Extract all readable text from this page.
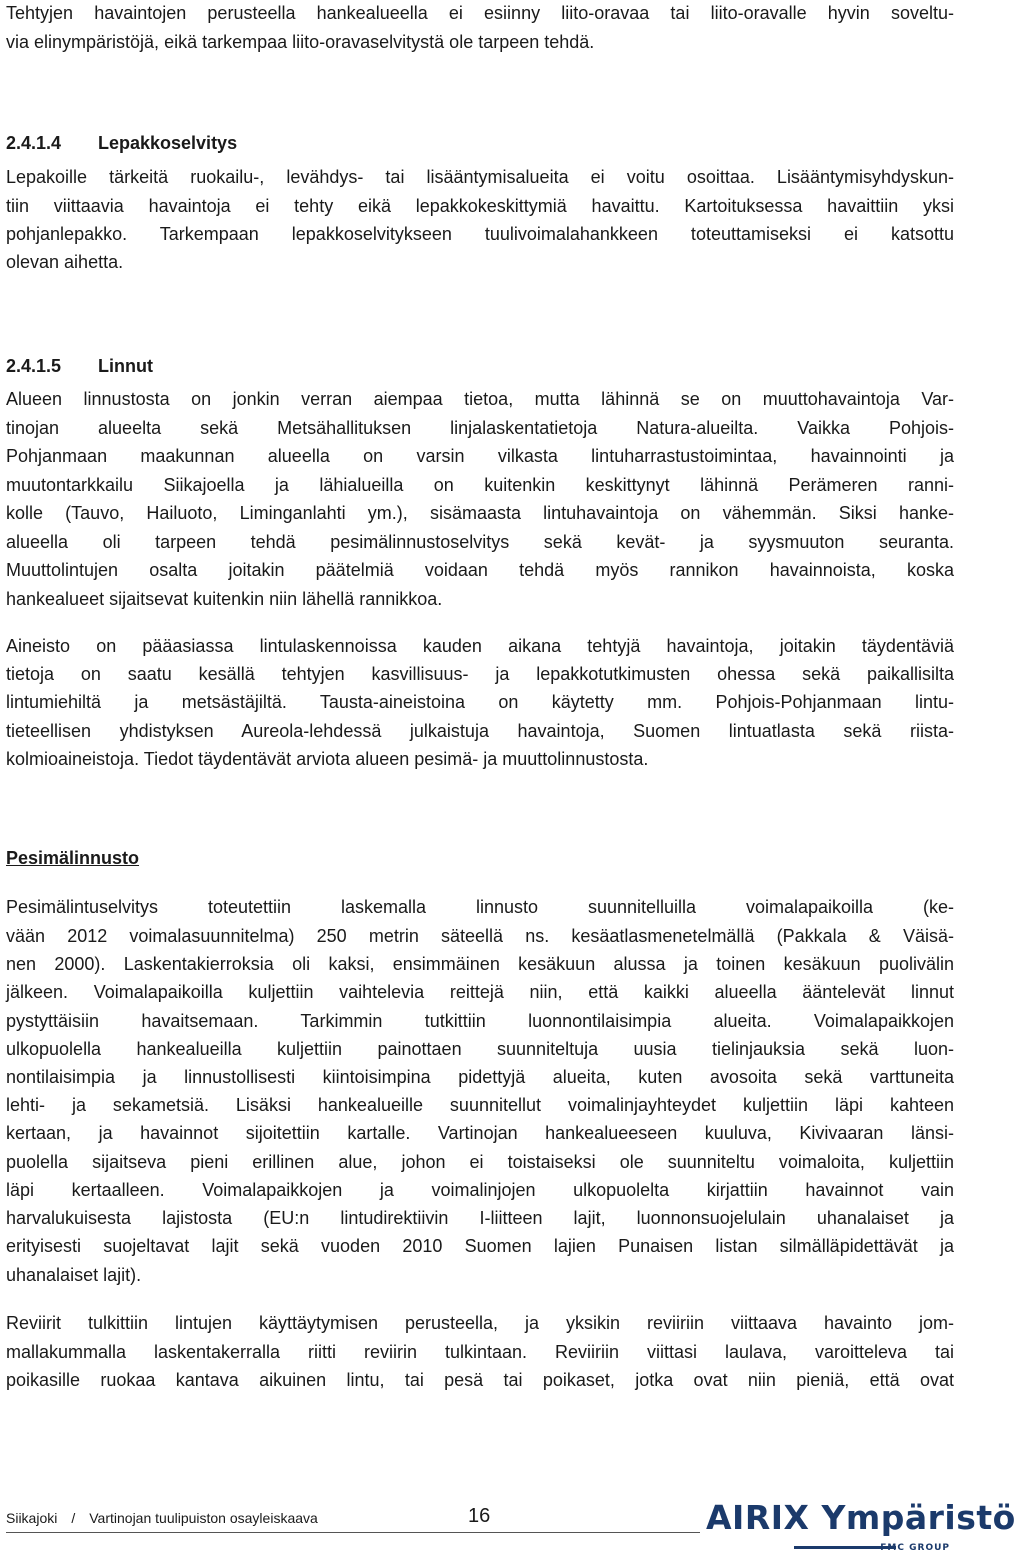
Tehtyjen havaintojen perusteella hankealueella ei esiinny liito-oravaa tai liito-oravalle hyvin soveltu-
via elinympäristöjä, eikä tarkempaa liito-oravaselvitystä ole tarpeen tehdä.
2.4.1.4 Lepakkoselvitys
Lepakoille tärkeitä ruokailu-, levähdys- tai lisääntymisalueita ei voitu osoittaa. Lisääntymisyhdyskun-
tiin viittaavia havaintoja ei tehty eikä lepakkokeskittymiä havaittu. Kartoituksessa havaittiin yksi
pohjanlepakko. Tarkempaan lepakkoselvitykseen tuulivoimalahankkeen toteuttamiseksi ei katsottu
olevan aihetta.
2.4.1.5 Linnut
Alueen linnustosta on jonkin verran aiempaa tietoa, mutta lähinnä se on muuttohavaintoja Var-
tinojan alueelta sekä Metsähallituksen linjalaskentatietoja Natura-alueilta. Vaikka Pohjois-
Pohjanmaan maakunnan alueella on varsin vilkasta lintuharrastustoimintaa, havainnointi ja
muutontarkkailu Siikajoella ja lähialueilla on kuitenkin keskittynyt lähinnä Perämeren ranni-
kolle (Tauvo, Hailuoto, Liminganlahti ym.), sisämaasta lintuhavaintoja on vähemmän. Siksi hanke-
alueella oli tarpeen tehdä pesimälinnustoselvitys sekä kevät- ja syysmuuton seuranta.
Muuttolintujen osalta joitakin päätelmiä voidaan tehdä myös rannikon havainnoista, koska
hankealueet sijaitsevat kuitenkin niin lähellä rannikkoa.
Aineisto on pääasiassa lintulaskennoissa kauden aikana tehtyjä havaintoja, joitakin täydentäviä
tietoja on saatu kesällä tehtyjen kasvillisuus- ja lepakkotutkimusten ohessa sekä paikallisilta
lintumiehiltä ja metsästäjiltä. Tausta-aineistoina on käytetty mm. Pohjois-Pohjanmaan lintu-
tieteellisen yhdistyksen Aureola-lehdessä julkaistuja havaintoja, Suomen lintuatlasta sekä riista-
kolmioaineistoja. Tiedot täydentävät arviota alueen pesimä- ja muuttolinnustosta.
Pesimälinnusto
Pesimälintuselvitys toteutettiin laskemalla linnusto suunnitelluilla voimalapaikoilla (ke-
vään 2012 voimalasuunnitelma) 250 metrin säteellä ns. kesäatlasmenetelmällä (Pakkala & Väisä-
nen 2000). Laskentakierroksia oli kaksi, ensimmäinen kesäkuun alussa ja toinen kesäkuun puolivälin
jälkeen. Voimalapaikoilla kuljettiin vaihtelevia reittejä niin, että kaikki alueella ääntelevät linnut
pystyttäisiin havaitsemaan. Tarkimmin tutkittiin luonnontilaisimpia alueita. Voimalapaikkojen
ulkopuolella hankealueilla kuljettiin painottaen suunniteltuja uusia tielinjauksia sekä luon-
nontilaisimpia ja linnustollisesti kiintoisimpina pidettyjä alueita, kuten avosoita sekä varttuneita
lehti- ja sekametsiä. Lisäksi hankealueille suunnitellut voimalinjayhteydet kuljettiin läpi kahteen
kertaan, ja havainnot sijoitettiin kartalle. Vartinojan hankealueeseen kuuluva, Kivivaaran länsi-
puolella sijaitseva pieni erillinen alue, johon ei toistaiseksi ole suunniteltu voimaloita, kuljettiin
läpi kertaalleen. Voimalapaikkojen ja voimalinjojen ulkopuolelta kirjattiin havainnot vain
harvalukuisesta lajistosta (EU:n lintudirektiivin I-liitteen lajit, luonnonsuojelulain uhanalaiset ja
erityisesti suojeltavat lajit sekä vuoden 2010 Suomen lajien Punaisen listan silmälläpidettävät ja
uhanalaiset lajit).
Reviirit tulkittiin lintujen käyttäytymisen perusteella, ja yksikin reviiriin viittaava havainto jom-
mallakummalla laskentakerralla riitti reviirin tulkintaan. Reviiriin viittasi laulava, varoitteleva tai
poikasille ruokaa kantava aikuinen lintu, tai pesä tai poikaset, jotka ovat niin pieniä, että ovat
Siikajoki / Vartinojan tuulipuiston osayleiskaava	16	AIRIX Ympäristö
FMC GROUP
